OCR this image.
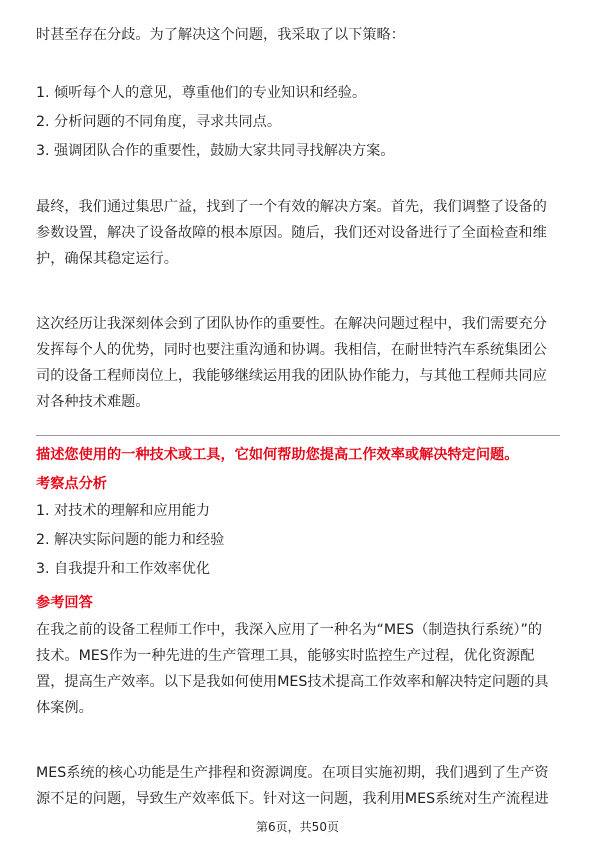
时甚至存在分歧。为了解决这个问题，我采取了以下策略：

1. 倾听每个人的意见，尊重他们的专业知识和经验。

2. 分析问题的不同角度，寻求共同点。

3. 强调团队合作的重要性，鼓励大家共同寻找解决方案。

最终，我们通过集思广益，找到了一个有效的解决方案。首先，我们调整了设备的

参数设置，解决了设备故障的根本原因。随后，我们还对设备进行了全面检查和维

护，确保其稳定运行。

这次经历让我深刻体会到了团队协作的重要性。在解决问题过程中，我们需要充分

发挥每个人的优势，同时也要注重沟通和协调。我相信，在耐世特汽车系统集团公

司的设备工程师岗位上，我能够继续运用我的团队协作能力，与其他工程师共同应

对各种技术难题。

描述您使用的一种技术或工具，它如何帮助您提高工作效率或解决特定问题。

考察点分析

1. 对技术的理解和应用能力

2. 解决实际问题的能力和经验

3. 自我提升和工作效率优化

参考回答

在我之前的设备工程师工作中，我深入应用了一种名为“MES（制造执行系统）”的

技术。MES作为一种先进的生产管理工具，能够实时监控生产过程，优化资源配

置，提高生产效率。以下是我如何使用MES技术提高工作效率和解决特定问题的具

体案例。

MES系统的核心功能是生产排程和资源调度。在项目实施初期，我们遇到了生产资

源不足的问题，导致生产效率低下。针对这一问题，我利用MES系统对生产流程进

第6页，共50页
